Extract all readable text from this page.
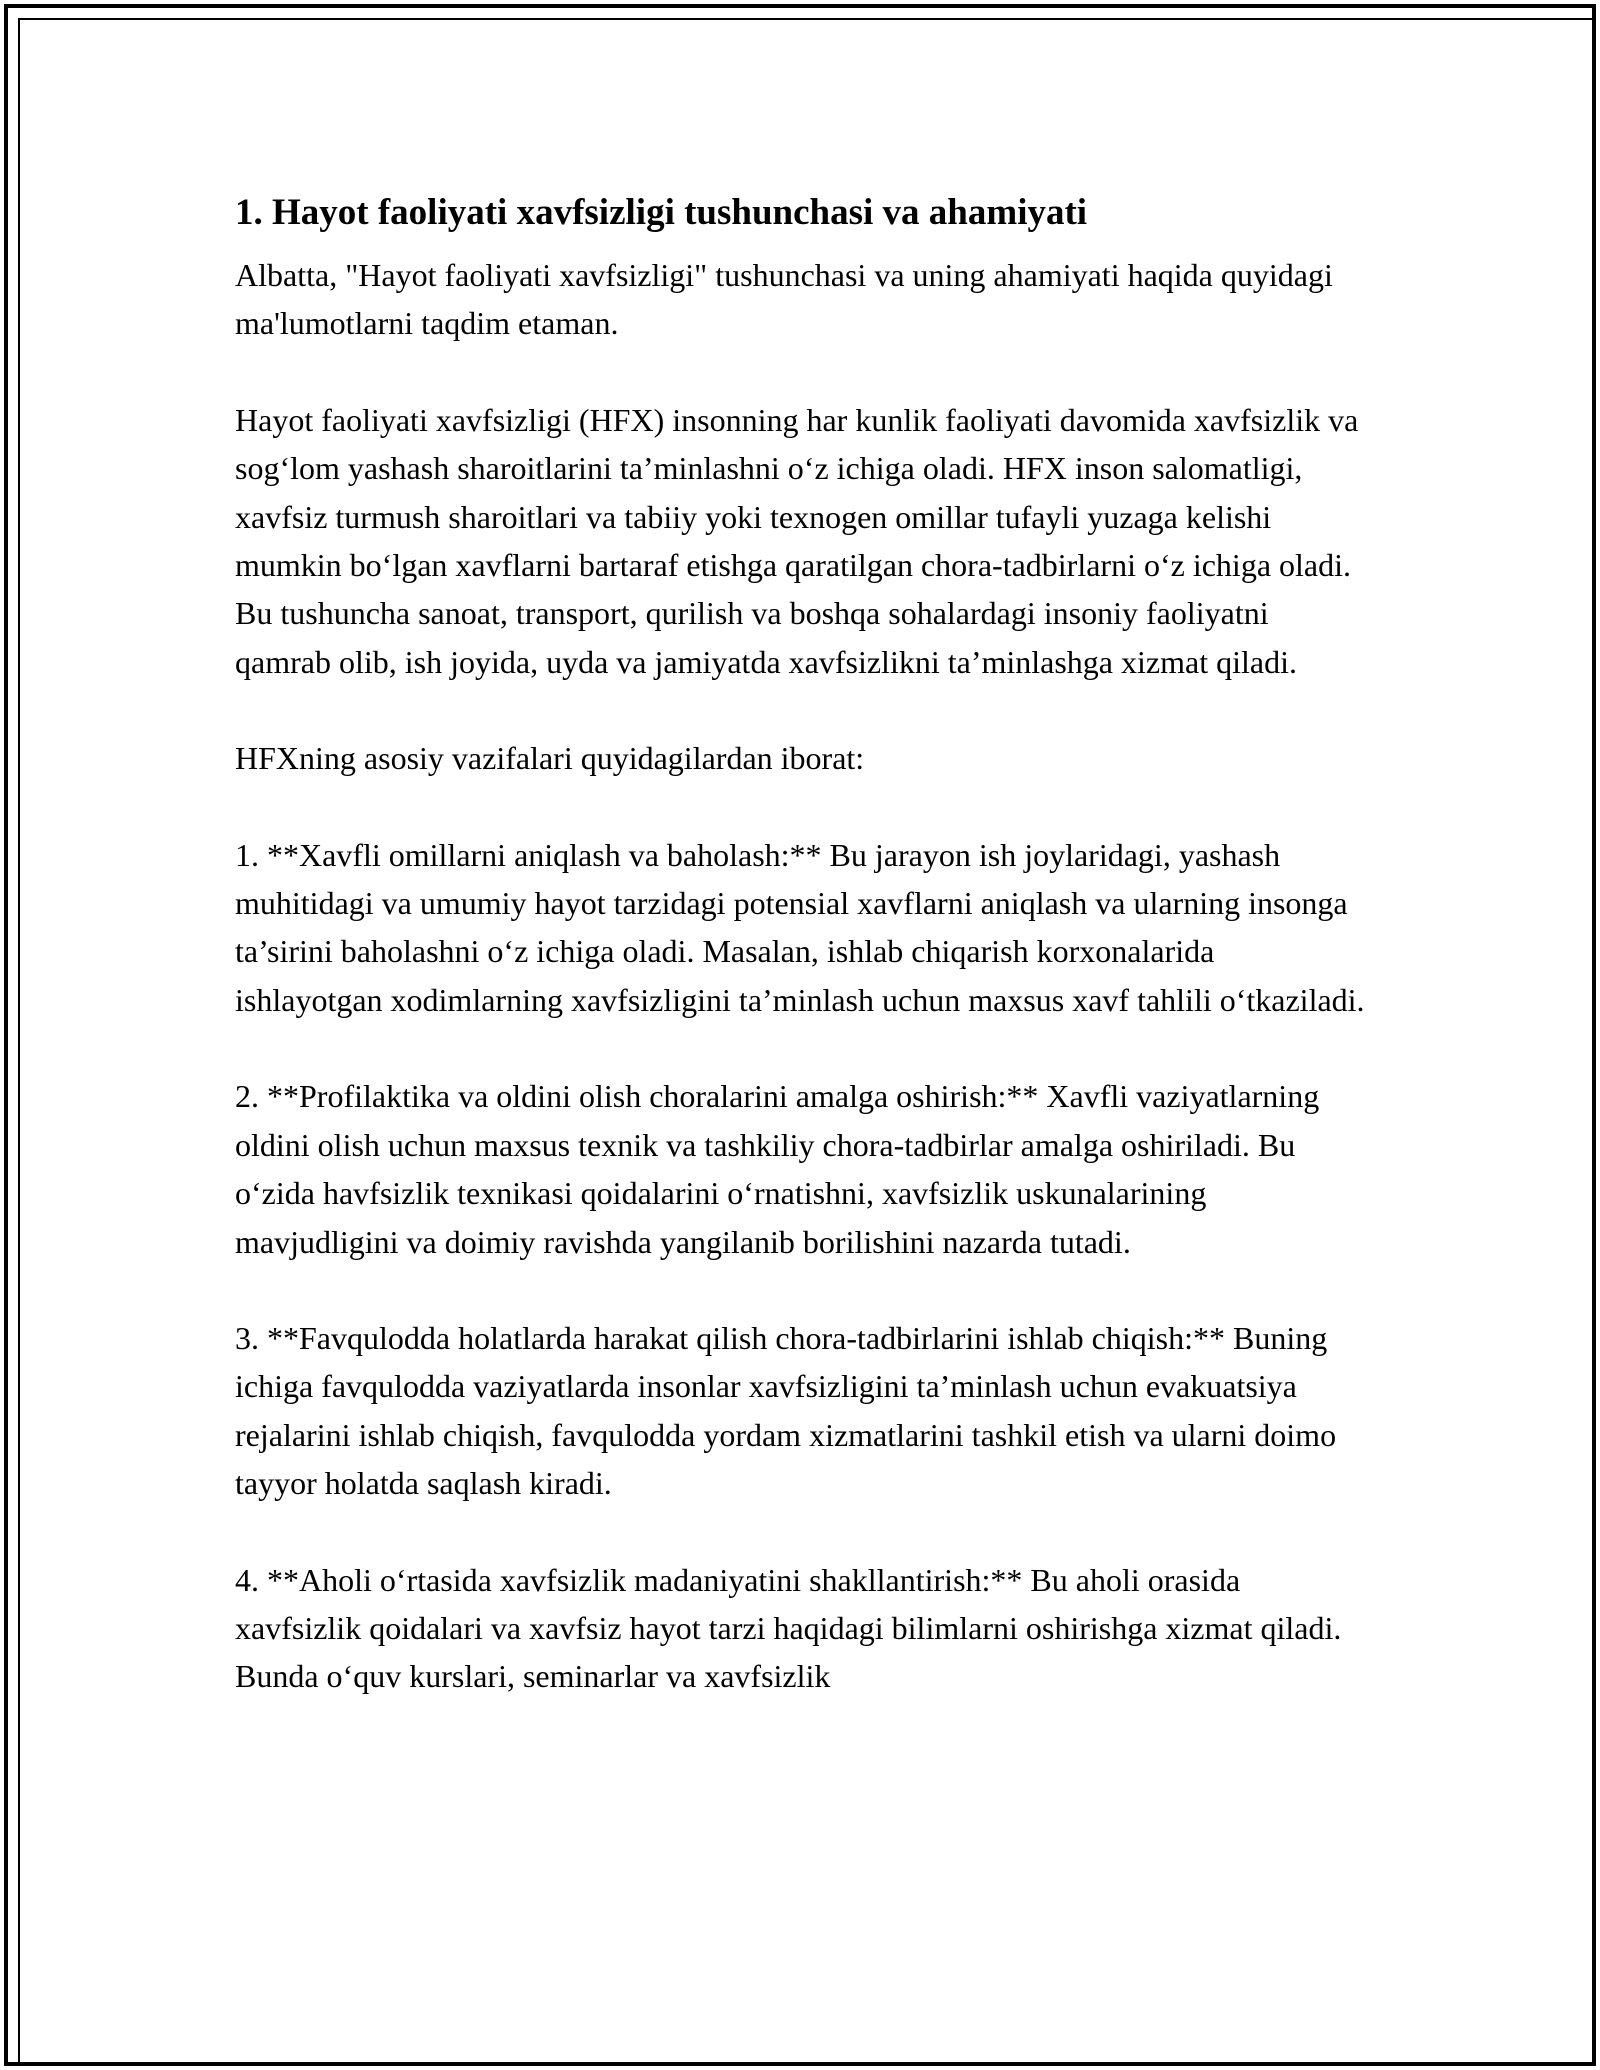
1. Hayot faoliyati xavfsizligi tushunchasi va ahamiyati

Albatta, "Hayot faoliyati xavfsizligi" tushunchasi va uning ahamiyati haqida quyidagi ma'lumotlarni taqdim etaman.

Hayot faoliyati xavfsizligi (HFX) insonning har kunlik faoliyati davomida xavfsizlik va sog‘lom yashash sharoitlarini ta’minlashni o‘z ichiga oladi. HFX inson salomatligi, xavfsiz turmush sharoitlari va tabiiy yoki texnogen omillar tufayli yuzaga kelishi mumkin bo‘lgan xavflarni bartaraf etishga qaratilgan chora-tadbirlarni o‘z ichiga oladi. Bu tushuncha sanoat, transport, qurilish va boshqa sohalardagi insoniy faoliyatni qamrab olib, ish joyida, uyda va jamiyatda xavfsizlikni ta’minlashga xizmat qiladi.

HFXning asosiy vazifalari quyidagilardan iborat:

1. **Xavfli omillarni aniqlash va baholash:** Bu jarayon ish joylaridagi, yashash muhitidagi va umumiy hayot tarzidagi potensial xavflarni aniqlash va ularning insonga ta’sirini baholashni o‘z ichiga oladi. Masalan, ishlab chiqarish korxonalarida ishlayotgan xodimlarning xavfsizligini ta’minlash uchun maxsus xavf tahlili o‘tkaziladi.

2. **Profilaktika va oldini olish choralarini amalga oshirish:** Xavfli vaziyatlarning oldini olish uchun maxsus texnik va tashkiliy chora-tadbirlar amalga oshiriladi. Bu o‘zida havfsizlik texnikasi qoidalarini o‘rnatishni, xavfsizlik uskunalarining mavjudligini va doimiy ravishda yangilanib borilishini nazarda tutadi.

3. **Favqulodda holatlarda harakat qilish chora-tadbirlarini ishlab chiqish:** Buning ichiga favqulodda vaziyatlarda insonlar xavfsizligini ta’minlash uchun evakuatsiya rejalarini ishlab chiqish, favqulodda yordam xizmatlarini tashkil etish va ularni doimo tayyor holatda saqlash kiradi.

4. **Aholi o‘rtasida xavfsizlik madaniyatini shakllantirish:** Bu aholi orasida xavfsizlik qoidalari va xavfsiz hayot tarzi haqidagi bilimlarni oshirishga xizmat qiladi. Bunda o‘quv kurslari, seminarlar va xavfsizlik
